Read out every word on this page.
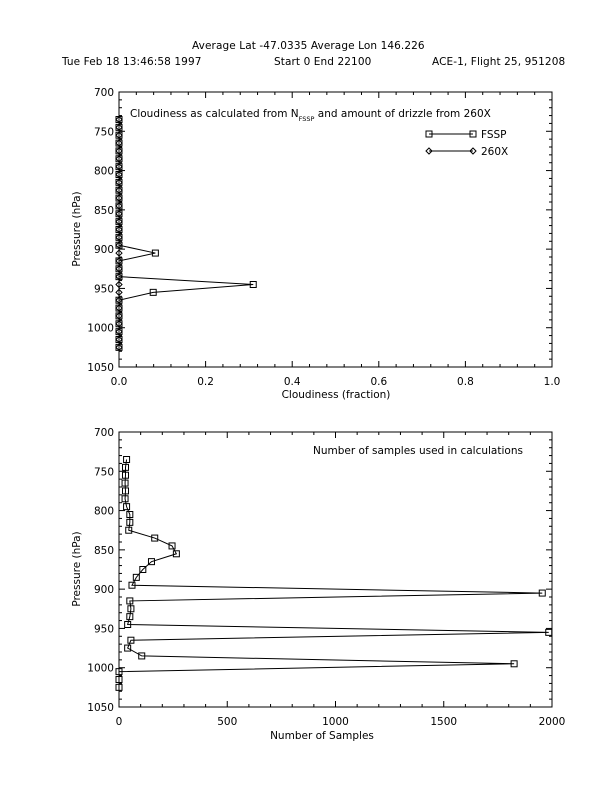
Average Lat -47.0335 Average Lon 146.226
Tue Feb 18 13:46:58 1997	Start 0 End 22100	ACE-1, Flight 25, 951208
0.0	0.2	0.4	0.6	0.8	1.0
700
750
800
850
900
950
1000
1050
Cloudiness as calculated from $N_{FSSP}$ and amount of drizzle from 260X
FSSP
260X
Cloudiness (fraction)
Pressure (hPa)
0	500	1000	1500	2000
700
750
800
850
900
950
1000
1050
Number of samples used in calculations
Number of Samples
Pressure (hPa)
